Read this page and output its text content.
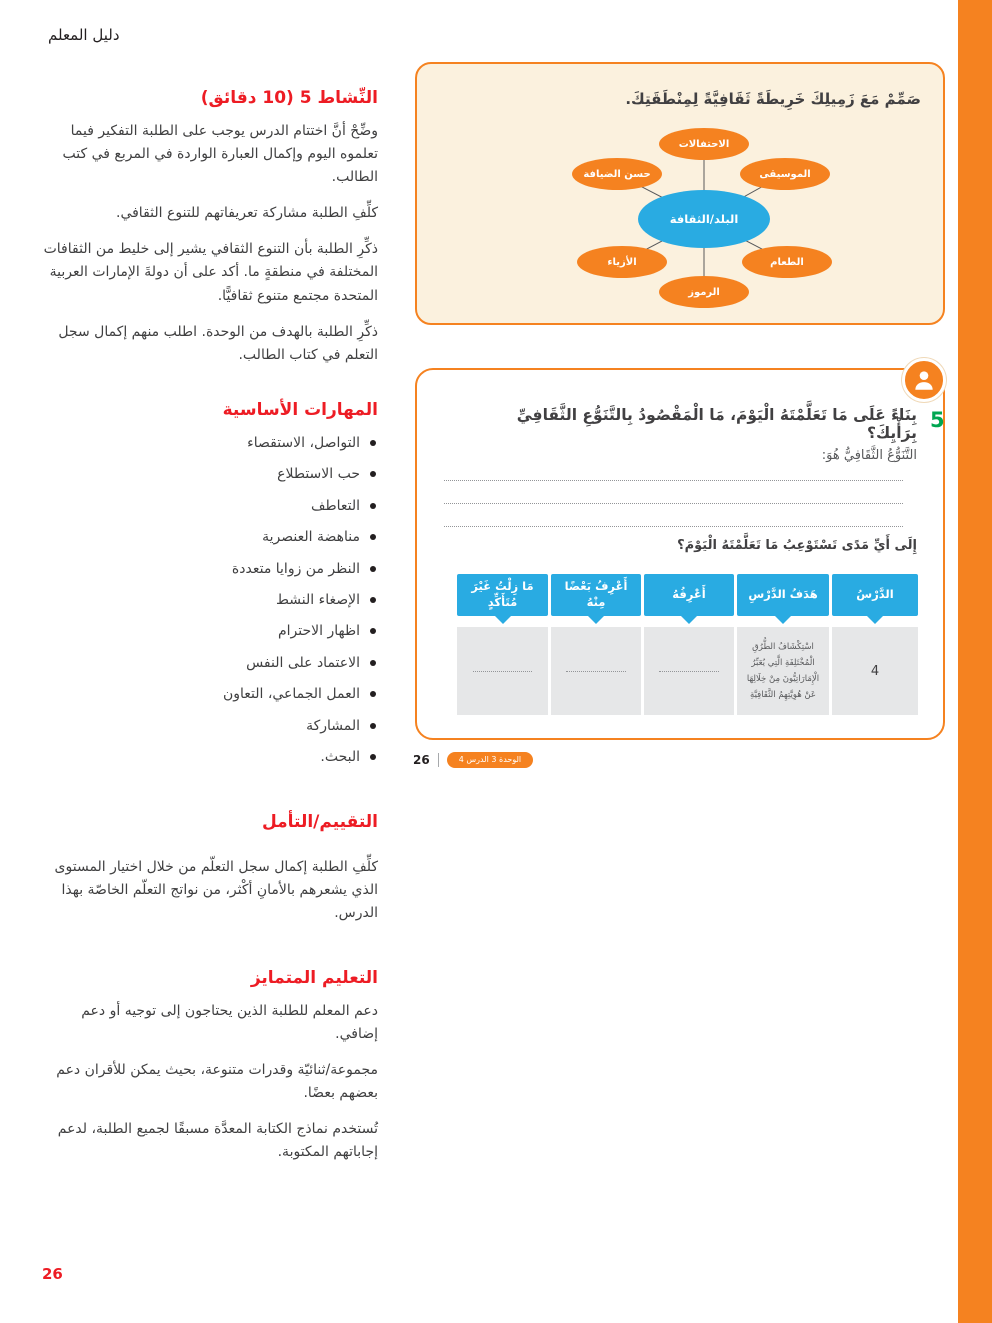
دليل المعلم
النِّشاط 5 (10 دقائق)

وضِّحْ أنَّ اختتام الدرس يوجب على الطلبة التفكير فيما تعلموه اليوم وإكمال العبارة الواردة في المربع في كتب الطالب.

كلِّفِ الطلبة مشاركة تعريفاتهم للتنوع الثقافي.

ذكِّرِ الطلبة بأن التنوع الثقافي يشير إلى خليط من الثقافات المختلفة في منطقةٍ ما. أكد على أن دولةَ الإمارات العربية المتحدة مجتمع متنوع ثقافيًّا.

ذكِّرِ الطلبة بالهدف من الوحدة. اطلب منهم إكمال سجل التعلم في كتاب الطالب.

المهارات الأساسية
التواصل، الاستقصاء
حب الاستطلاع
التعاطف
مناهضة العنصرية
النظر من زوايا متعددة
الإصغاء النشط
اظهار الاحترام
الاعتماد على النفس
العمل الجماعي، التعاون
المشاركة
البحث.
التقييم/التأمل

كلِّفِ الطلبة إكمال سجل التعلّم من خلال اختيار المستوى الذي يشعرهم بالأمانِ أكْثر، من نواتج التعلّم الخاصّة بهذا الدرس.

التعليم المتمايز

دعم المعلم للطلبة الذين يحتاجون إلى توجيه أو دعم إضافي.

مجموعة/ثنائيّة وقدرات متنوعة، بحيث يمكن للأقران دعم بعضهم بعضًا.

تُستخدم نماذج الكتابة المعدَّة مسبقًا لجميع الطلبة، لدعم إجاباتهم المكتوبة.

صَمِّمْ مَعَ زَمِيلِكَ خَرِيطَةً ثَقَافِيَّةً لِمِنْطَقَتِكَ.
البلد/الثقافة
الاحتفالات
الموسيقى
حسن الضيافة
الطعام
الأزياء
الرموز
5
بِنَاءً عَلَى مَا تَعَلَّمْتَهُ الْيَوْمَ، مَا الْمَقْصُودُ بِالتَّنَوُّعِ الثَّقَافِيِّ بِرَأْيِكَ؟
التَّنَوُّعُ الثَّقَافِيُّ هُوَ:
إِلَى أَيِّ مَدًى تَسْتَوْعِبُ مَا تَعَلَّمْتَهُ الْيَوْمَ؟
الدَّرْسُ
هَدَفُ الدَّرْسِ
أَعْرِفُهُ
أَعْرِفُ بَعْضًا مِنْهُ
مَا زِلْتُ غَيْرَ مُتَأَكِّدٍ
4
اسْتِكْشَافُ الطُّرُقِ الْمُخْتَلِفَةِ الَّتِي يُعَبِّرُ الْإِمَارَاتِيُّونَ مِنْ خِلَالِهَا عَنْ هُوِيَّتِهِمُ الثَّقَافِيَّةِ
26	الوحدة 3 الدرس 4
26
